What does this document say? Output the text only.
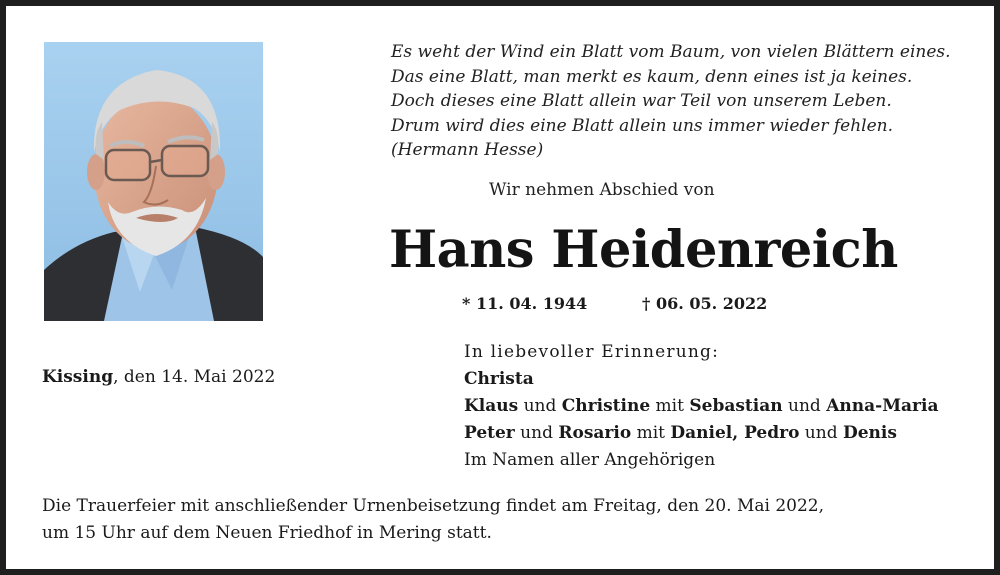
Es weht der Wind ein Blatt vom Baum, von vielen Blättern eines.
Das eine Blatt, man merkt es kaum, denn eines ist ja keines.
Doch dieses eine Blatt allein war Teil von unserem Leben.
Drum wird dies eine Blatt allein uns immer wieder fehlen.
(Hermann Hesse)
Wir nehmen Abschied von
Hans Heidenreich
* 11. 04. 1944	† 06. 05. 2022
Kissing, den 14. Mai 2022
In liebevoller Erinnerung:
Christa
Klaus und Christine mit Sebastian und Anna-Maria
Peter und Rosario mit Daniel, Pedro und Denis
Im Namen aller Angehörigen
Die Trauerfeier mit anschließender Urnenbeisetzung findet am Freitag, den 20. Mai 2022,
um 15 Uhr auf dem Neuen Friedhof in Mering statt.
